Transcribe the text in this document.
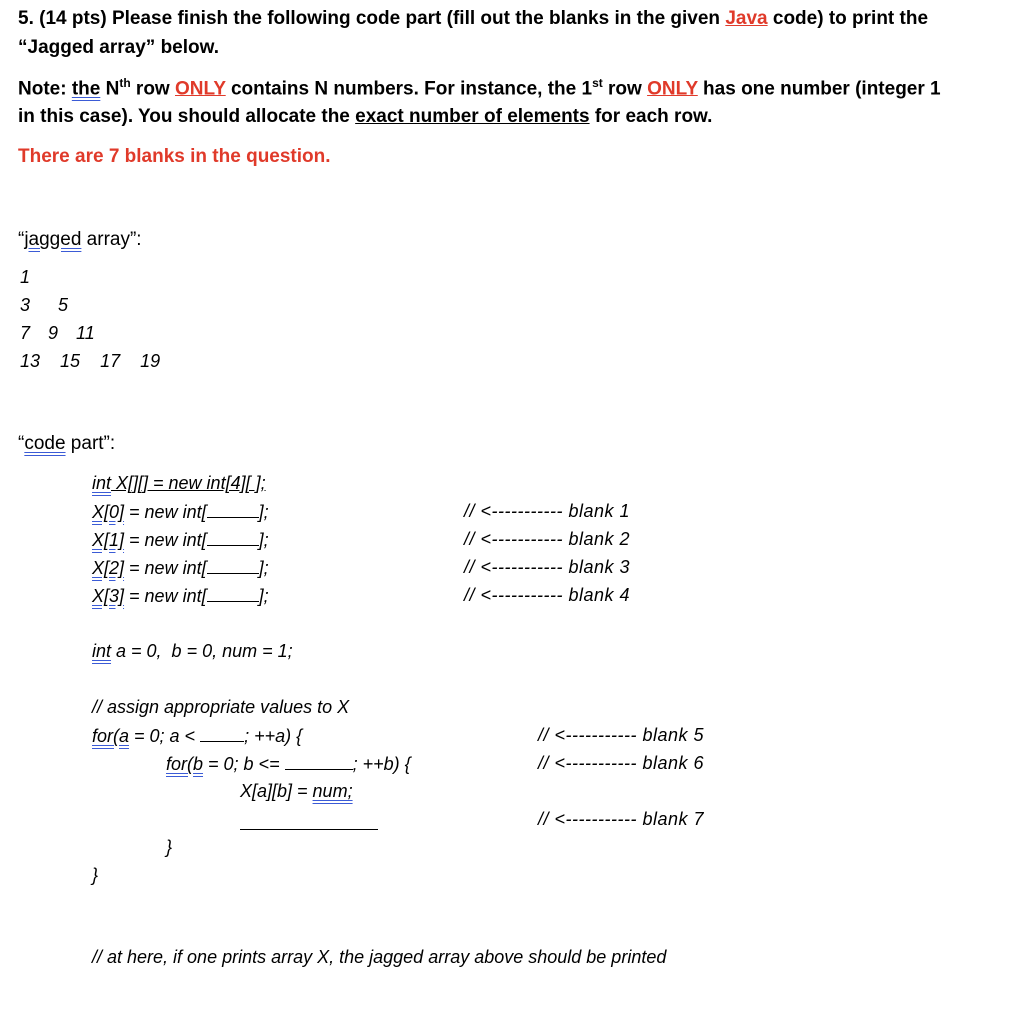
5. (14 pts) Please finish the following code part (fill out the blanks in the given Java code) to print the
“Jagged array” below.
Note: the $N^{th}$ row ONLY contains N numbers. For instance, the 1st row ONLY has one number (integer 1
in this case). You should allocate the exact number of elements for each row.
There are 7 blanks in the question.
“jagged array”:
1
3 5
7 9 11
13 15 17 19
“code part”:
int X[][] = new int[4][ ];
X[0] = new int[	];
X[1] = new int[	];
X[2] = new int[	];
X[3] = new int[	];
// <----------- blank 1
// <----------- blank 2
// <----------- blank 3
// <----------- blank 4
int a = 0,  b = 0, num = 1;
// assign appropriate values to X
for(a = 0; a < ; ++a) {
for(b = 0; b <=	; ++b) {
// <----------- blank 5
// <----------- blank 6
X[a][b] = num;
// <----------- blank 7
}
}
// at here, if one prints array X, the jagged array above should be printed
